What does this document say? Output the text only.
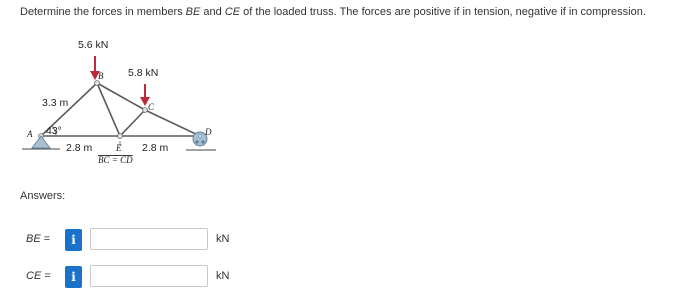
Determine the forces in members BE and CE of the loaded truss. The forces are positive if in tension, negative if in compression.
5.6 kN
5.8 kN
3.3 m
43°
2.8 m	2.8 m
A
B
C
D
E
BC = CD
Answers:
BE =	i	kN
CE =	i	kN
